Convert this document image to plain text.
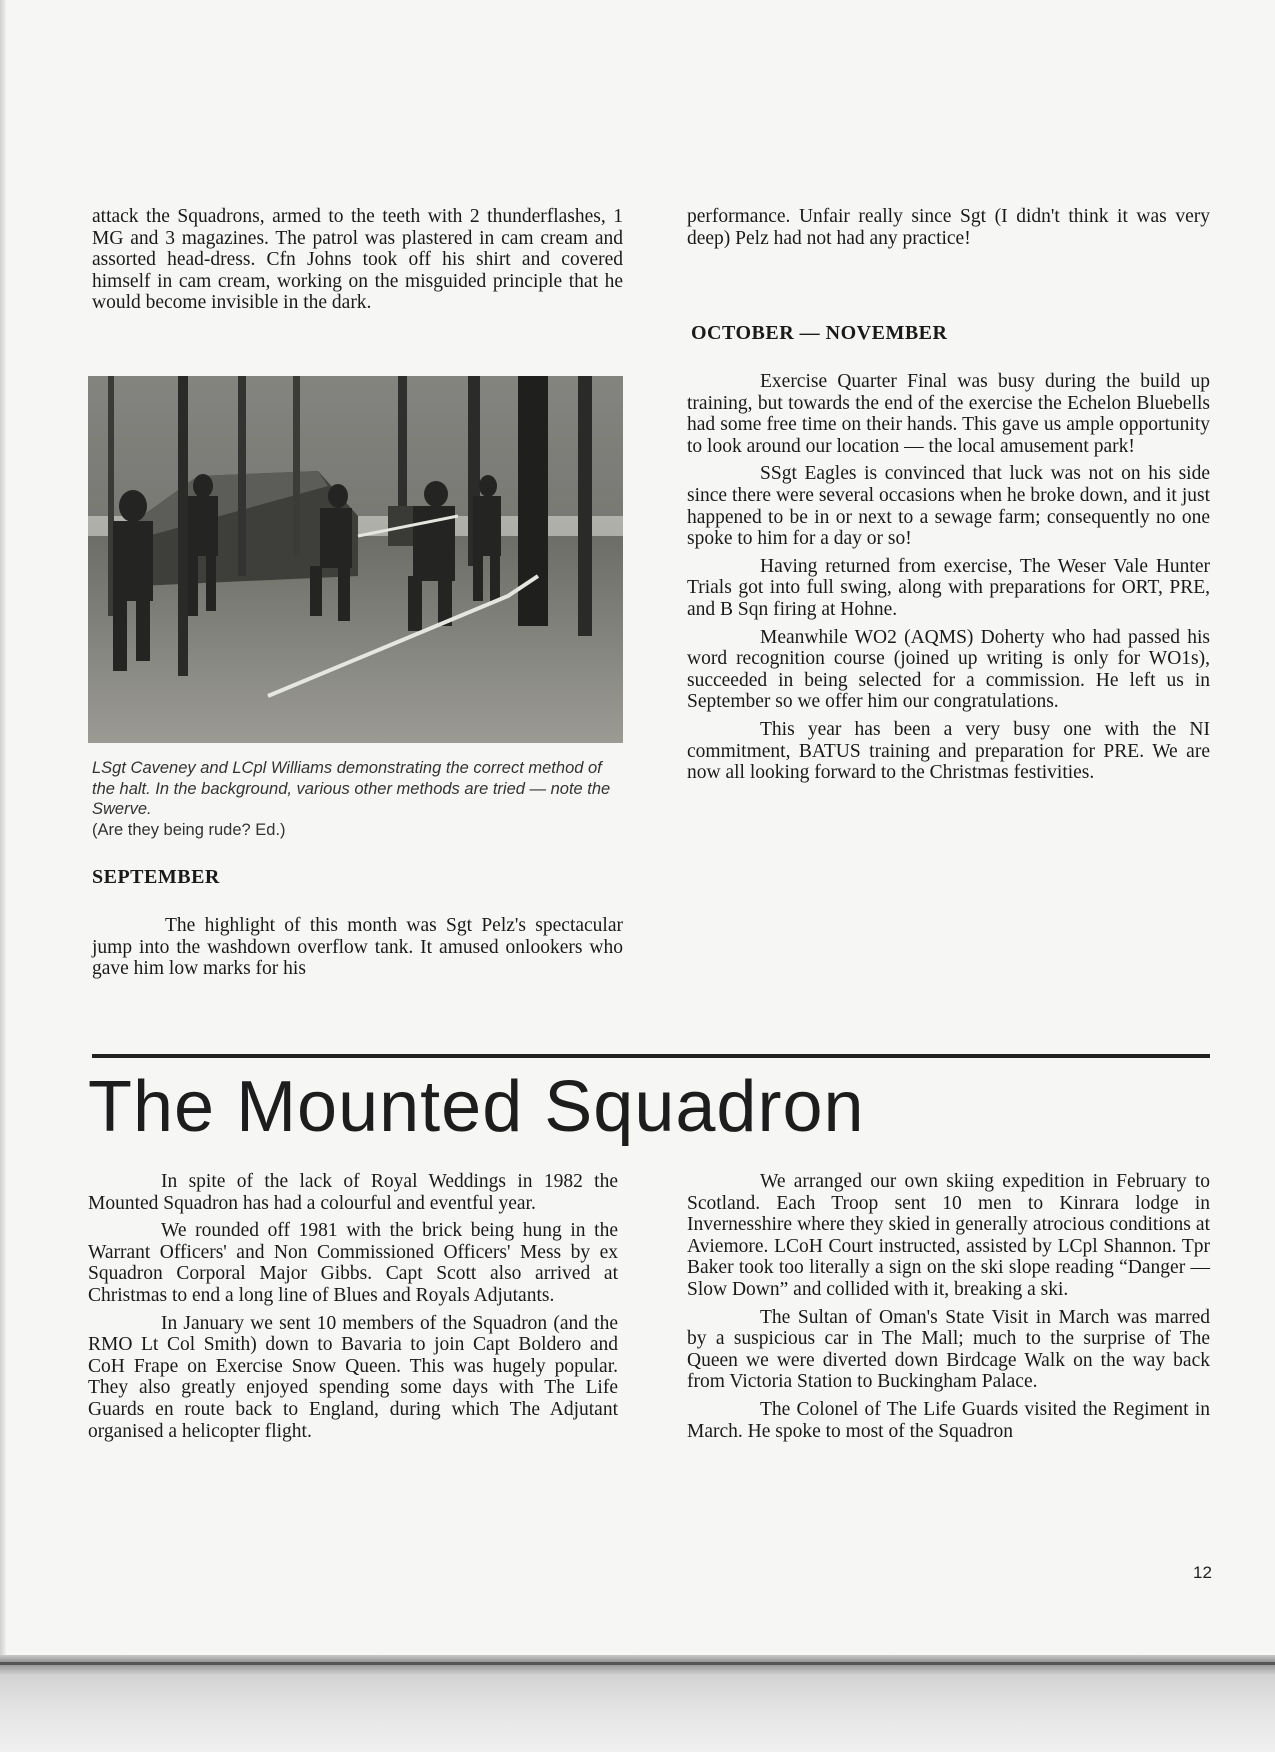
attack the Squadrons, armed to the teeth with 2 thunderflashes, 1 MG and 3 magazines. The patrol was plastered in cam cream and assorted head-dress. Cfn Johns took off his shirt and covered himself in cam cream, working on the misguided principle that he would become invisible in the dark.

LSgt Caveney and LCpl Williams demonstrating the correct method of the halt. In the background, various other methods are tried — note the Swerve.
(Are they being rude? Ed.)
SEPTEMBER

The highlight of this month was Sgt Pelz's spectacular jump into the washdown overflow tank. It amused onlookers who gave him low marks for his

performance. Unfair really since Sgt (I didn't think it was very deep) Pelz had not had any practice!

OCTOBER — NOVEMBER

Exercise Quarter Final was busy during the build up training, but towards the end of the exercise the Echelon Bluebells had some free time on their hands. This gave us ample opportunity to look around our location — the local amusement park!

SSgt Eagles is convinced that luck was not on his side since there were several occasions when he broke down, and it just happened to be in or next to a sewage farm; consequently no one spoke to him for a day or so!

Having returned from exercise, The Weser Vale Hunter Trials got into full swing, along with preparations for ORT, PRE, and B Sqn firing at Hohne.

Meanwhile WO2 (AQMS) Doherty who had passed his word recognition course (joined up writing is only for WO1s), succeeded in being selected for a commission. He left us in September so we offer him our congratulations.

This year has been a very busy one with the NI commitment, BATUS training and preparation for PRE. We are now all looking forward to the Christmas festivities.

The Mounted Squadron

In spite of the lack of Royal Weddings in 1982 the Mounted Squadron has had a colourful and eventful year.

We rounded off 1981 with the brick being hung in the Warrant Officers' and Non Commissioned Officers' Mess by ex Squadron Corporal Major Gibbs. Capt Scott also arrived at Christmas to end a long line of Blues and Royals Adjutants.

In January we sent 10 members of the Squadron (and the RMO Lt Col Smith) down to Bavaria to join Capt Boldero and CoH Frape on Exercise Snow Queen. This was hugely popular. They also greatly enjoyed spending some days with The Life Guards en route back to England, during which The Adjutant organised a helicopter flight.

We arranged our own skiing expedition in February to Scotland. Each Troop sent 10 men to Kinrara lodge in Invernesshire where they skied in generally atrocious conditions at Aviemore. LCoH Court instructed, assisted by LCpl Shannon. Tpr Baker took too literally a sign on the ski slope reading “Danger — Slow Down” and collided with it, breaking a ski.

The Sultan of Oman's State Visit in March was marred by a suspicious car in The Mall; much to the surprise of The Queen we were diverted down Birdcage Walk on the way back from Victoria Station to Buckingham Palace.

The Colonel of The Life Guards visited the Regiment in March. He spoke to most of the Squadron

12
